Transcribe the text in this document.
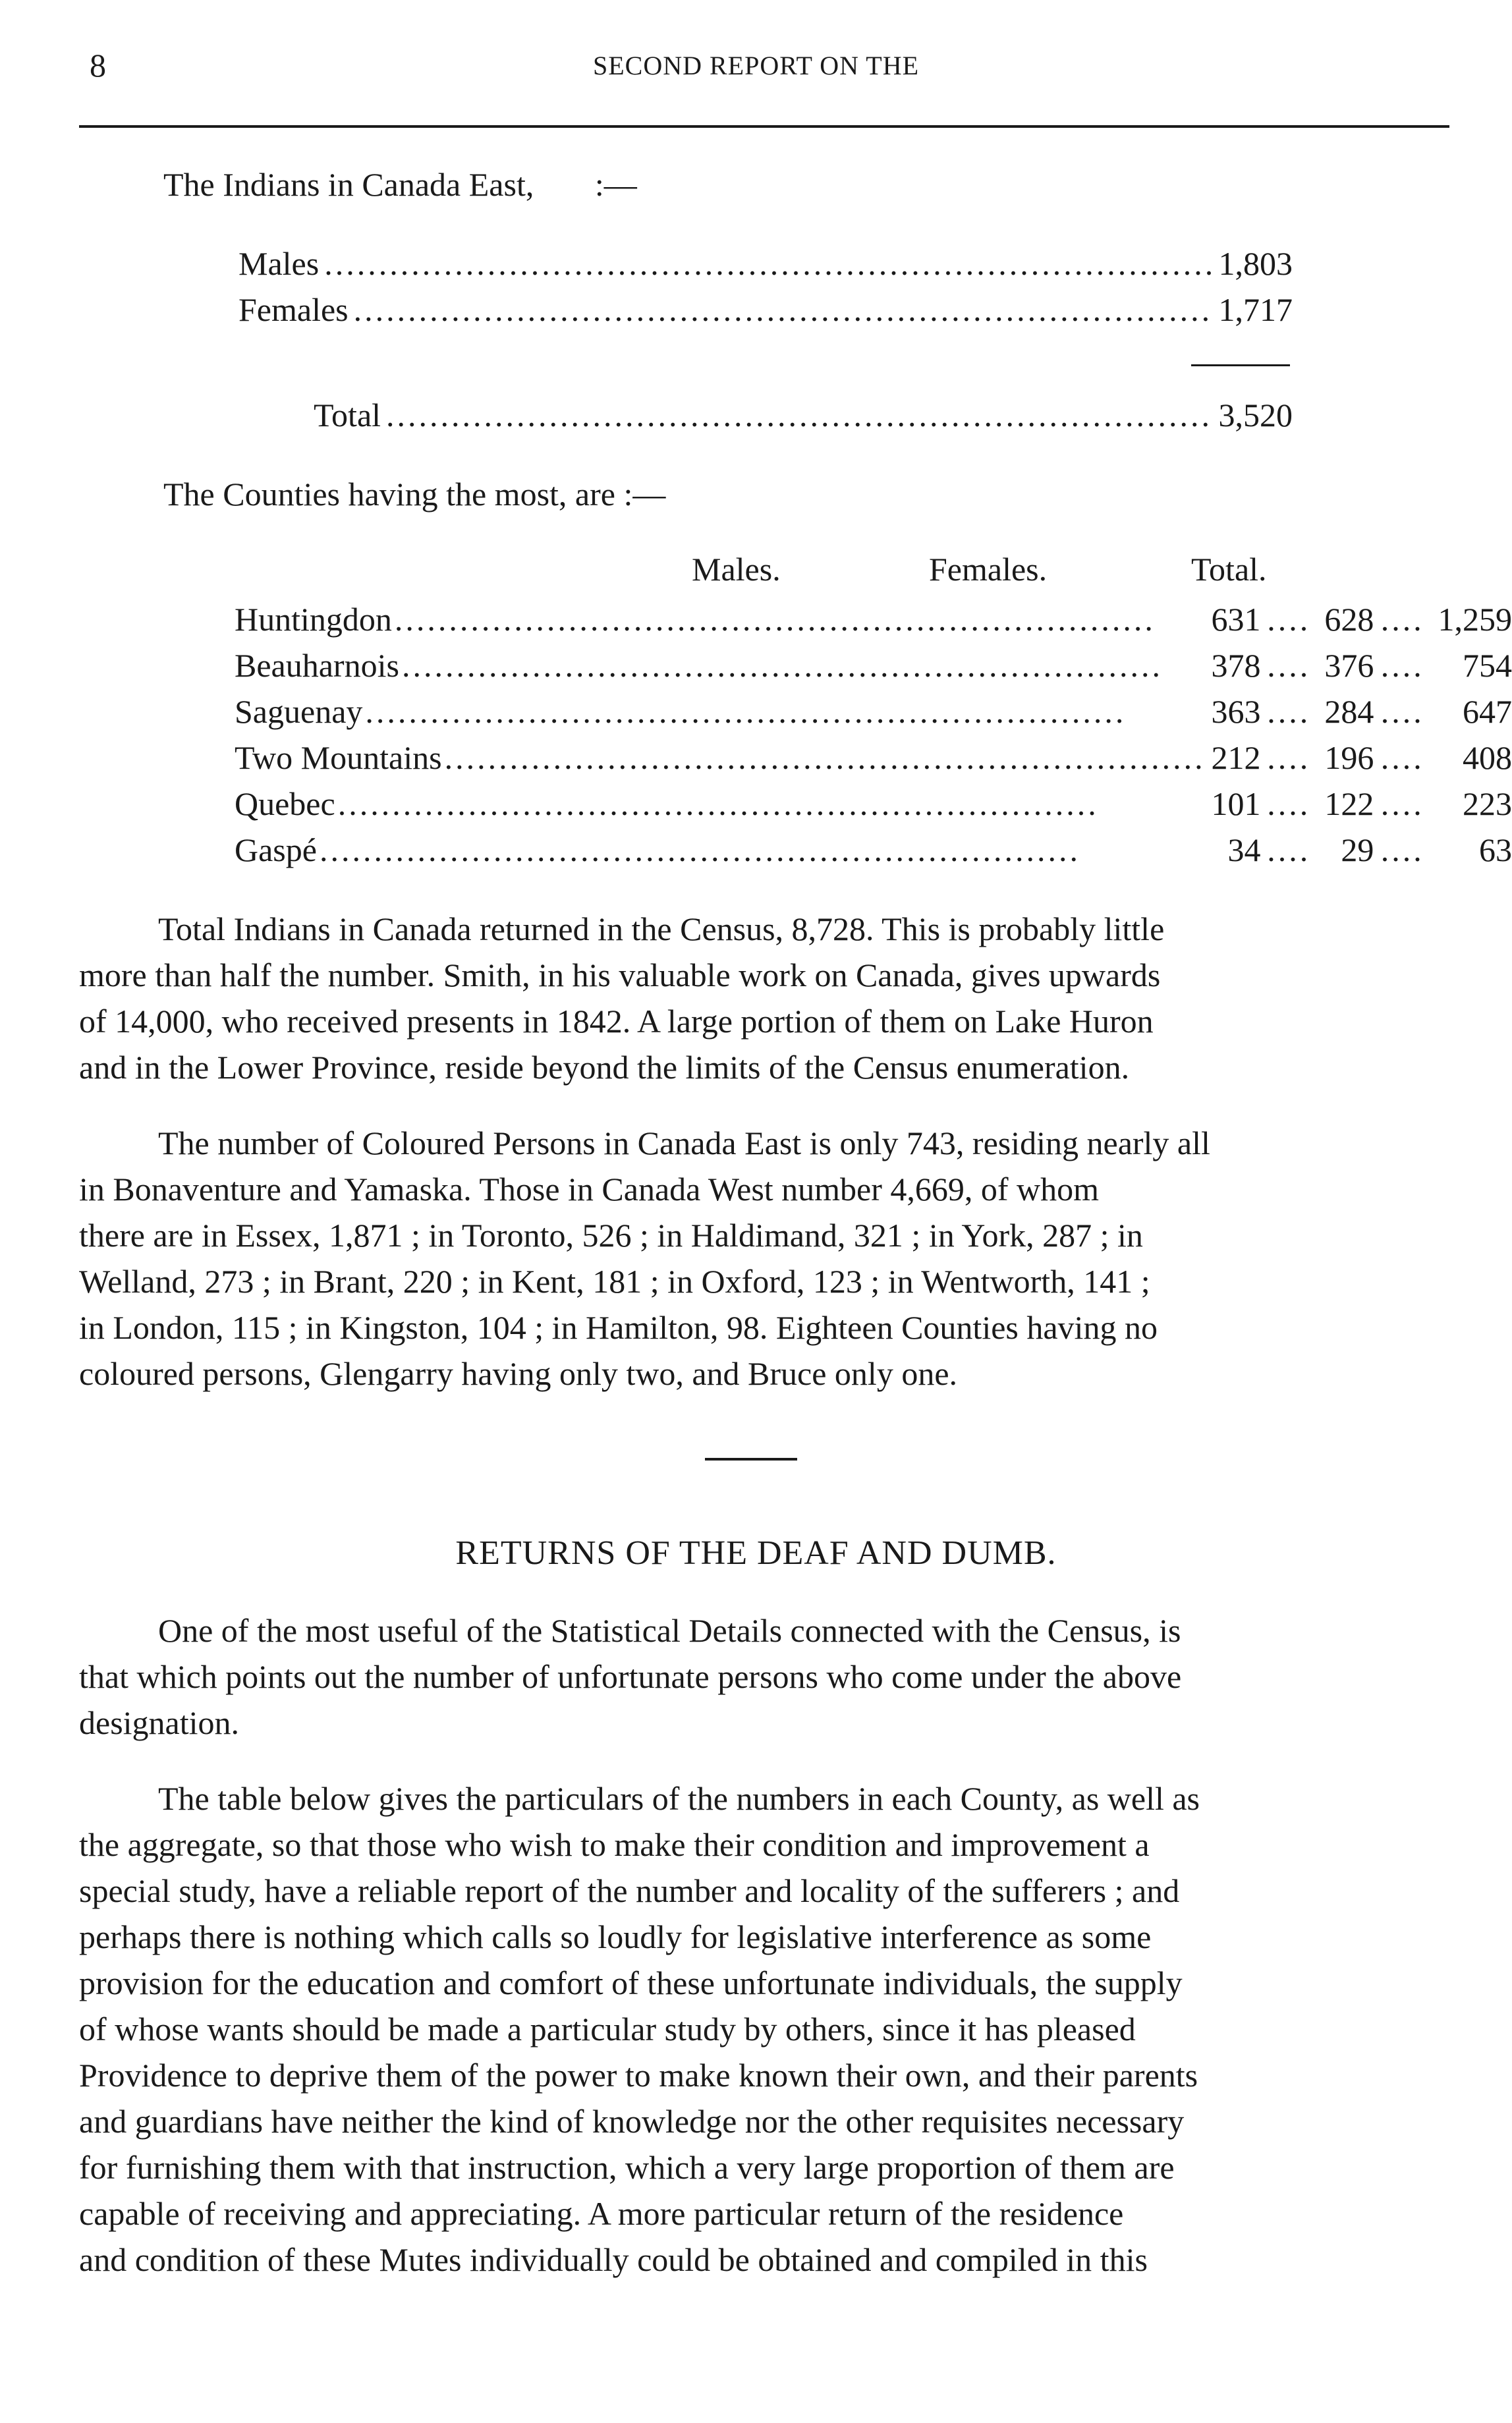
8	SECOND REPORT ON THE
The Indians in Canada East, :—
Males .....	1,803
Females .....	1,717
Total .....	3,520
The Counties having the most, are :—
Males.	Females.	Total.
Huntingdon
.....	631	....	628	....	1,259

Beauharnois
.....	378	....	376	....	754

Saguenay
.....	363	....	284	....	647

Two Mountains
.....	212	....	196	....	408

Quebec
.....	101	....	122	....	223

Gaspé
.....	34	....	29	....	63
Total Indians in Canada returned in the Census, 8,728. This is probably little
more than half the number. Smith, in his valuable work on Canada, gives upwards
of 14,000, who received presents in 1842. A large portion of them on Lake Huron
and in the Lower Province, reside beyond the limits of the Census enumeration.
The number of Coloured Persons in Canada East is only 743, residing nearly all
in Bonaventure and Yamaska. Those in Canada West number 4,669, of whom
there are in Essex, 1,871 ; in Toronto, 526 ; in Haldimand, 321 ; in York, 287 ; in
Welland, 273 ; in Brant, 220 ; in Kent, 181 ; in Oxford, 123 ; in Wentworth, 141 ;
in London, 115 ; in Kingston, 104 ; in Hamilton, 98. Eighteen Counties having no
coloured persons, Glengarry having only two, and Bruce only one.
RETURNS OF THE DEAF AND DUMB.
One of the most useful of the Statistical Details connected with the Census, is
that which points out the number of unfortunate persons who come under the above
designation.
The table below gives the particulars of the numbers in each County, as well as
the aggregate, so that those who wish to make their condition and improvement a
special study, have a reliable report of the number and locality of the sufferers ; and
perhaps there is nothing which calls so loudly for legislative interference as some
provision for the education and comfort of these unfortunate individuals, the supply
of whose wants should be made a particular study by others, since it has pleased
Providence to deprive them of the power to make known their own, and their parents
and guardians have neither the kind of knowledge nor the other requisites necessary
for furnishing them with that instruction, which a very large proportion of them are
capable of receiving and appreciating. A more particular return of the residence
and condition of these Mutes individually could be obtained and compiled in this
